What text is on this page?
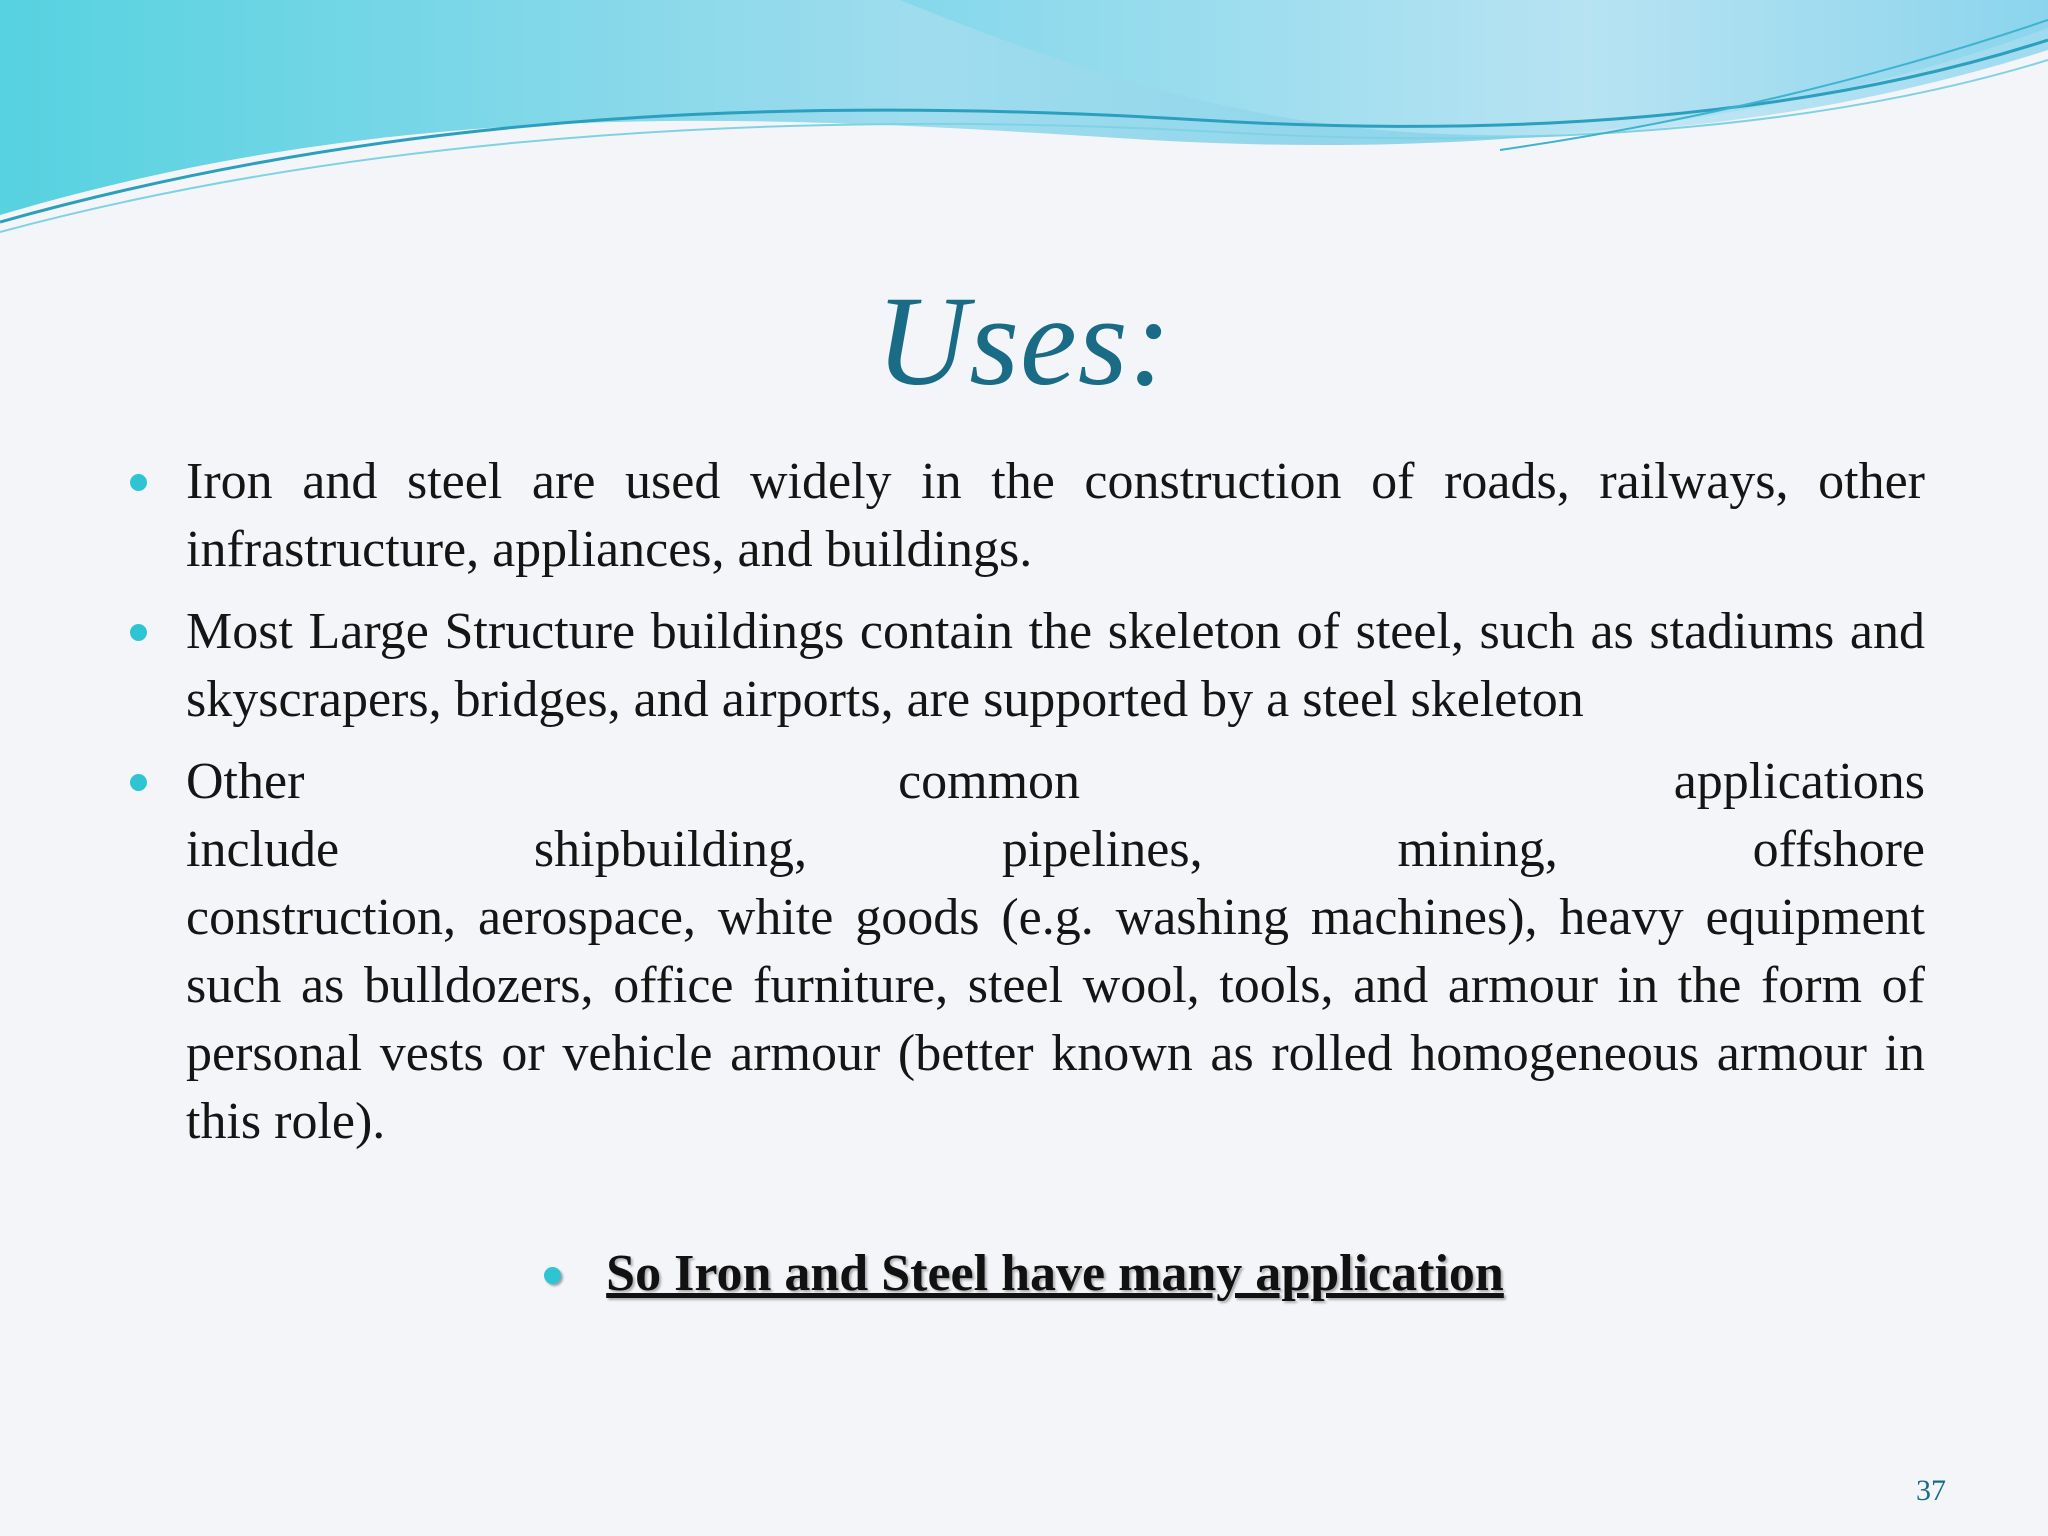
Uses:
Iron and steel are used widely in the construction of roads, railways, other infrastructure, appliances, and buildings.
Most Large Structure buildings contain the skeleton of steel, such as stadiums and skyscrapers, bridges, and airports, are supported by a steel skeleton
Other common applications
include shipbuilding, pipelines, mining, offshore
construction, aerospace, white goods (e.g. washing machines), heavy equipment such as bulldozers, office furniture, steel wool, tools, and armour in the form of personal vests or vehicle armour (better known as rolled homogeneous armour in this role).
So Iron and Steel have many application
37
